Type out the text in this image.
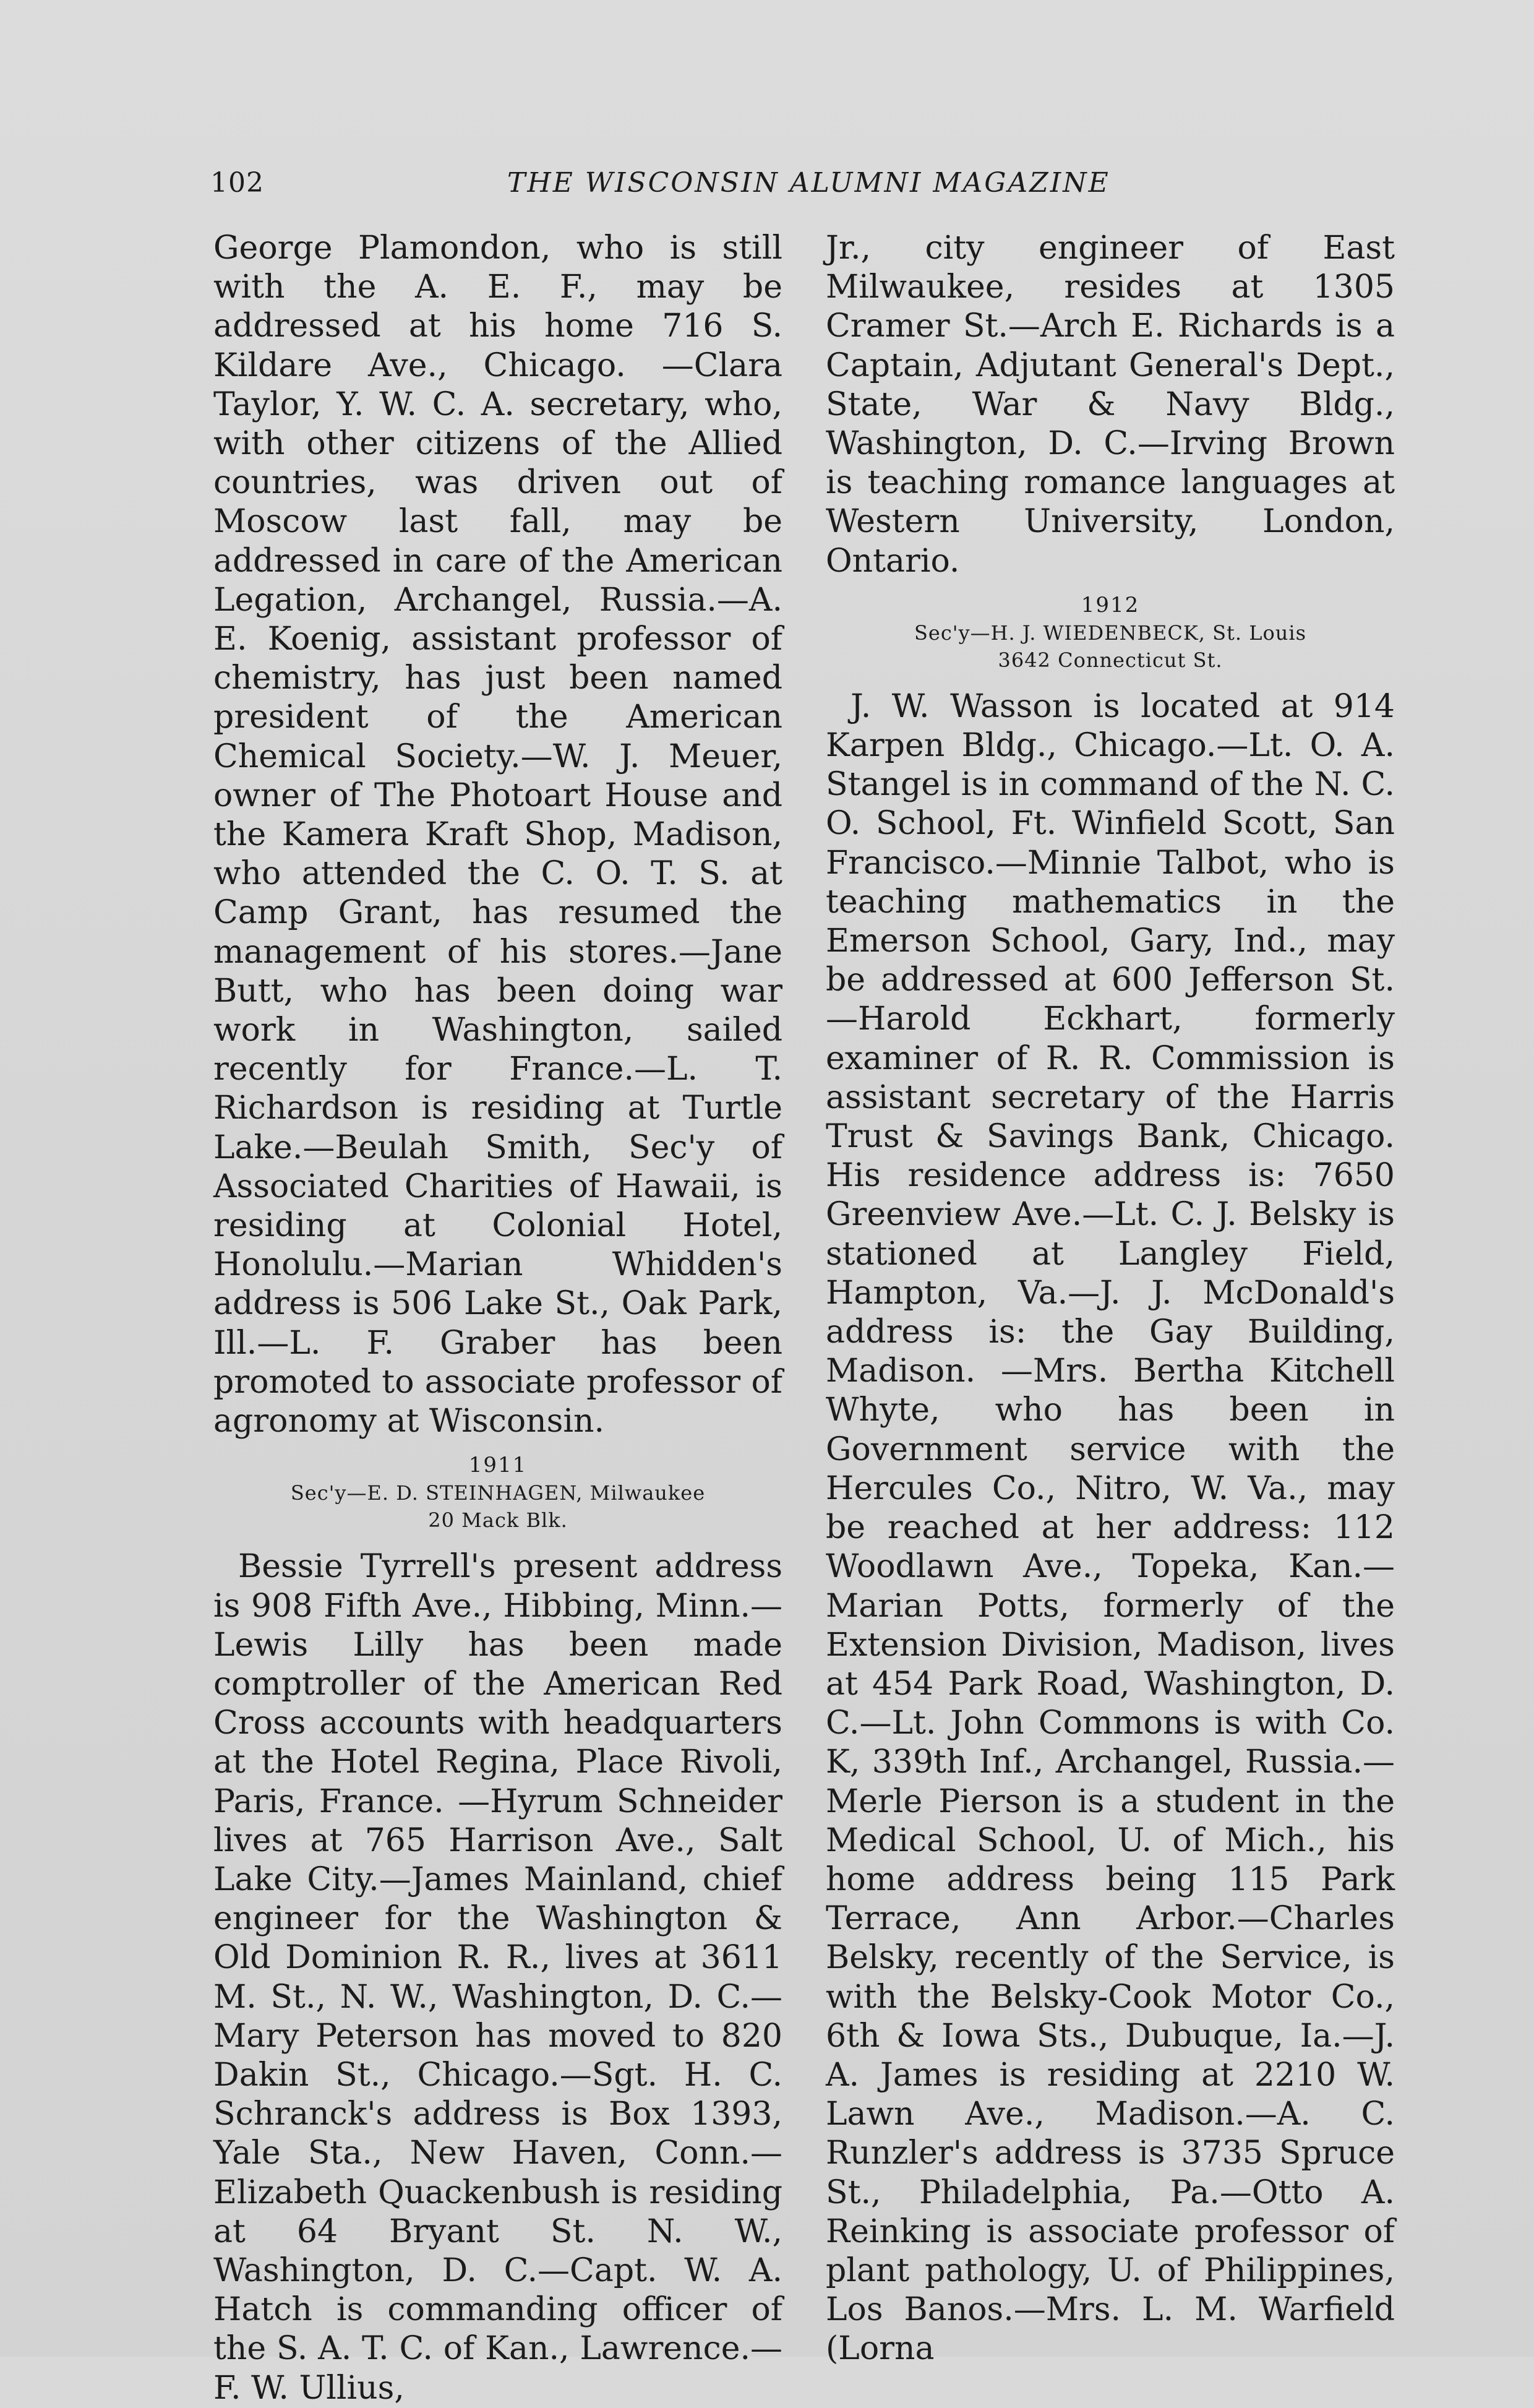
102	THE WISCONSIN ALUMNI MAGAZINE

George Plamondon, who is still with the A. E. F., may be addressed at his home 716 S. Kildare Ave., Chicago. —Clara Taylor, Y. W. C. A. secretary, who, with other citizens of the Allied countries, was driven out of Moscow last fall, may be addressed in care of the American Legation, Archangel, Russia.—A. E. Koenig, assistant professor of chemistry, has just been named president of the American Chemical Society.—W. J. Meuer, owner of The Photoart House and the Kamera Kraft Shop, Madison, who attended the C. O. T. S. at Camp Grant, has resumed the management of his stores.—Jane Butt, who has been doing war work in Washington, sailed recently for France.—L. T. Richardson is residing at Turtle Lake.—Beulah Smith, Sec'y of Associated Charities of Hawaii, is residing at Colonial Hotel, Honolulu.—Marian Whidden's address is 506 Lake St., Oak Park, Ill.—L. F. Graber has been promoted to associate professor of agronomy at Wisconsin.

1911
Sec'y—E. D. STEINHAGEN, Milwaukee
20 Mack Blk.

Bessie Tyrrell's present address is 908 Fifth Ave., Hibbing, Minn.—Lewis Lilly has been made comptroller of the American Red Cross accounts with headquarters at the Hotel Regina, Place Rivoli, Paris, France. —Hyrum Schneider lives at 765 Harrison Ave., Salt Lake City.—James Mainland, chief engineer for the Washington & Old Dominion R. R., lives at 3611 M. St., N. W., Washington, D. C.—Mary Peterson has moved to 820 Dakin St., Chicago.—Sgt. H. C. Schranck's address is Box 1393, Yale Sta., New Haven, Conn.—Elizabeth Quackenbush is residing at 64 Bryant St. N. W., Washington, D. C.—Capt. W. A. Hatch is commanding officer of the S. A. T. C. of Kan., Lawrence.—F. W. Ullius,

Jr., city engineer of East Milwaukee, resides at 1305 Cramer St.—Arch E. Richards is a Captain, Adjutant General's Dept., State, War & Navy Bldg., Washington, D. C.—Irving Brown is teaching romance languages at Western University, London, Ontario.

1912
Sec'y—H. J. WIEDENBECK, St. Louis
3642 Connecticut St.

J. W. Wasson is located at 914 Karpen Bldg., Chicago.—Lt. O. A. Stangel is in command of the N. C. O. School, Ft. Winfield Scott, San Francisco.—Minnie Talbot, who is teaching mathematics in the Emerson School, Gary, Ind., may be addressed at 600 Jefferson St.—Harold Eckhart, formerly examiner of R. R. Commission is assistant secretary of the Harris Trust & Savings Bank, Chicago. His residence address is: 7650 Greenview Ave.—Lt. C. J. Belsky is stationed at Langley Field, Hampton, Va.—J. J. McDonald's address is: the Gay Building, Madison. —Mrs. Bertha Kitchell Whyte, who has been in Government service with the Hercules Co., Nitro, W. Va., may be reached at her address: 112 Woodlawn Ave., Topeka, Kan.—Marian Potts, formerly of the Extension Division, Madison, lives at 454 Park Road, Washington, D. C.—Lt. John Commons is with Co. K, 339th Inf., Archangel, Russia.—Merle Pierson is a student in the Medical School, U. of Mich., his home address being 115 Park Terrace, Ann Arbor.—Charles Belsky, recently of the Service, is with the Belsky-Cook Motor Co., 6th & Iowa Sts., Dubuque, Ia.—J. A. James is residing at 2210 W. Lawn Ave., Madison.—A. C. Runzler's address is 3735 Spruce St., Philadelphia, Pa.—Otto A. Reinking is associate professor of plant pathology, U. of Philippines, Los Banos.—Mrs. L. M. Warfield (Lorna
